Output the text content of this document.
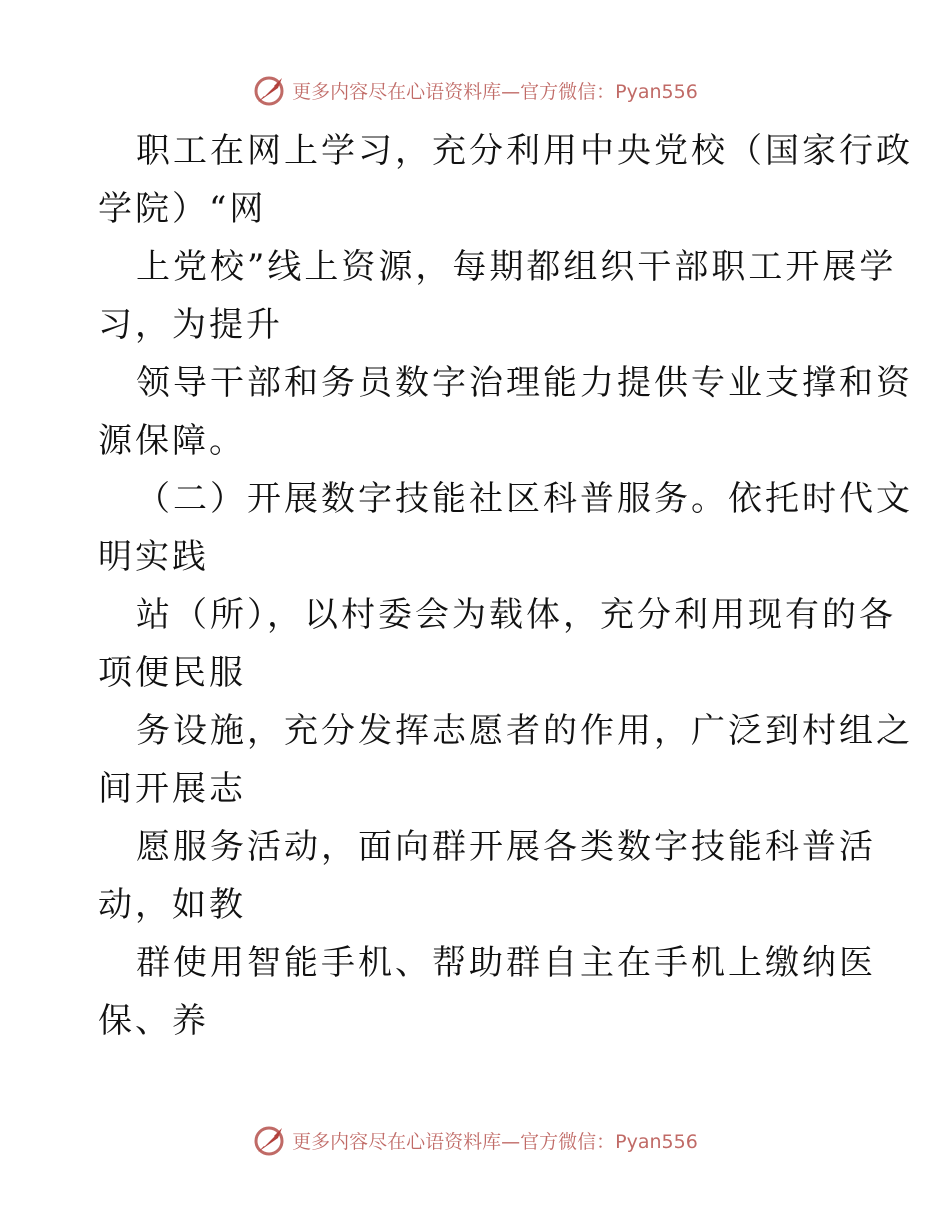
更多内容尽在心语资料库—官方微信：Pyan556
职工在网上学习，充分利用中央党校（国家行政
学院）“网
上党校”线上资源，每期都组织干部职工开展学
习，为提升
领导干部和务员数字治理能力提供专业支撑和资
源保障。
（二）开展数字技能社区科普服务。依托时代文
明实践
站（所），以村委会为载体，充分利用现有的各
项便民服
务设施，充分发挥志愿者的作用，广泛到村组之
间开展志
愿服务活动，面向群开展各类数字技能科普活
动，如教
群使用智能手机、帮助群自主在手机上缴纳医
保、养
更多内容尽在心语资料库—官方微信：Pyan556
